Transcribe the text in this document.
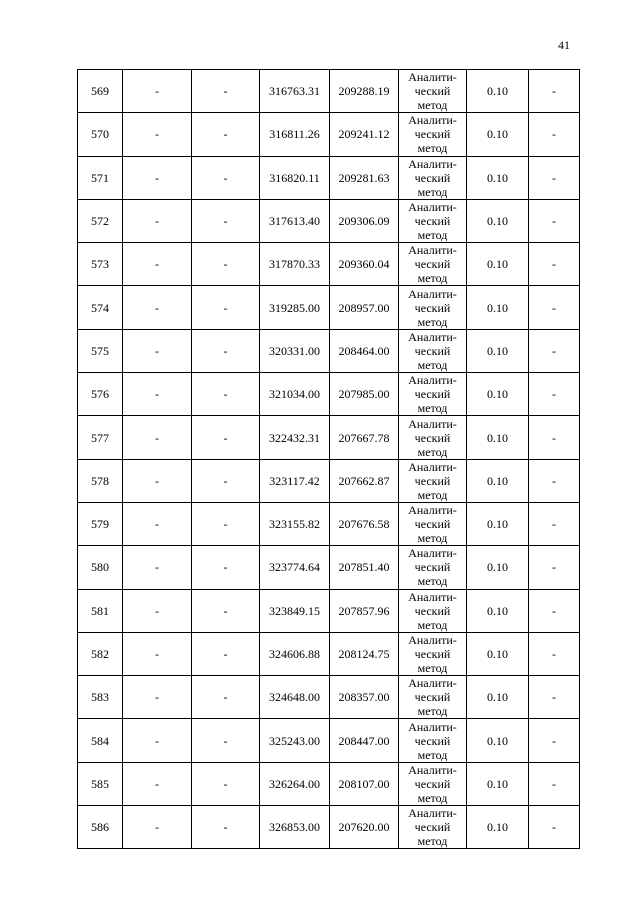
41
569	-	-	316763.31	209288.19	Аналити-
ческий
метод	0.10	-
570	-	-	316811.26	209241.12	Аналити-
ческий
метод	0.10	-
571	-	-	316820.11	209281.63	Аналити-
ческий
метод	0.10	-
572	-	-	317613.40	209306.09	Аналити-
ческий
метод	0.10	-
573	-	-	317870.33	209360.04	Аналити-
ческий
метод	0.10	-
574	-	-	319285.00	208957.00	Аналити-
ческий
метод	0.10	-
575	-	-	320331.00	208464.00	Аналити-
ческий
метод	0.10	-
576	-	-	321034.00	207985.00	Аналити-
ческий
метод	0.10	-
577	-	-	322432.31	207667.78	Аналити-
ческий
метод	0.10	-
578	-	-	323117.42	207662.87	Аналити-
ческий
метод	0.10	-
579	-	-	323155.82	207676.58	Аналити-
ческий
метод	0.10	-
580	-	-	323774.64	207851.40	Аналити-
ческий
метод	0.10	-
581	-	-	323849.15	207857.96	Аналити-
ческий
метод	0.10	-
582	-	-	324606.88	208124.75	Аналити-
ческий
метод	0.10	-
583	-	-	324648.00	208357.00	Аналити-
ческий
метод	0.10	-
584	-	-	325243.00	208447.00	Аналити-
ческий
метод	0.10	-
585	-	-	326264.00	208107.00	Аналити-
ческий
метод	0.10	-
586	-	-	326853.00	207620.00	Аналити-
ческий
метод	0.10	-
